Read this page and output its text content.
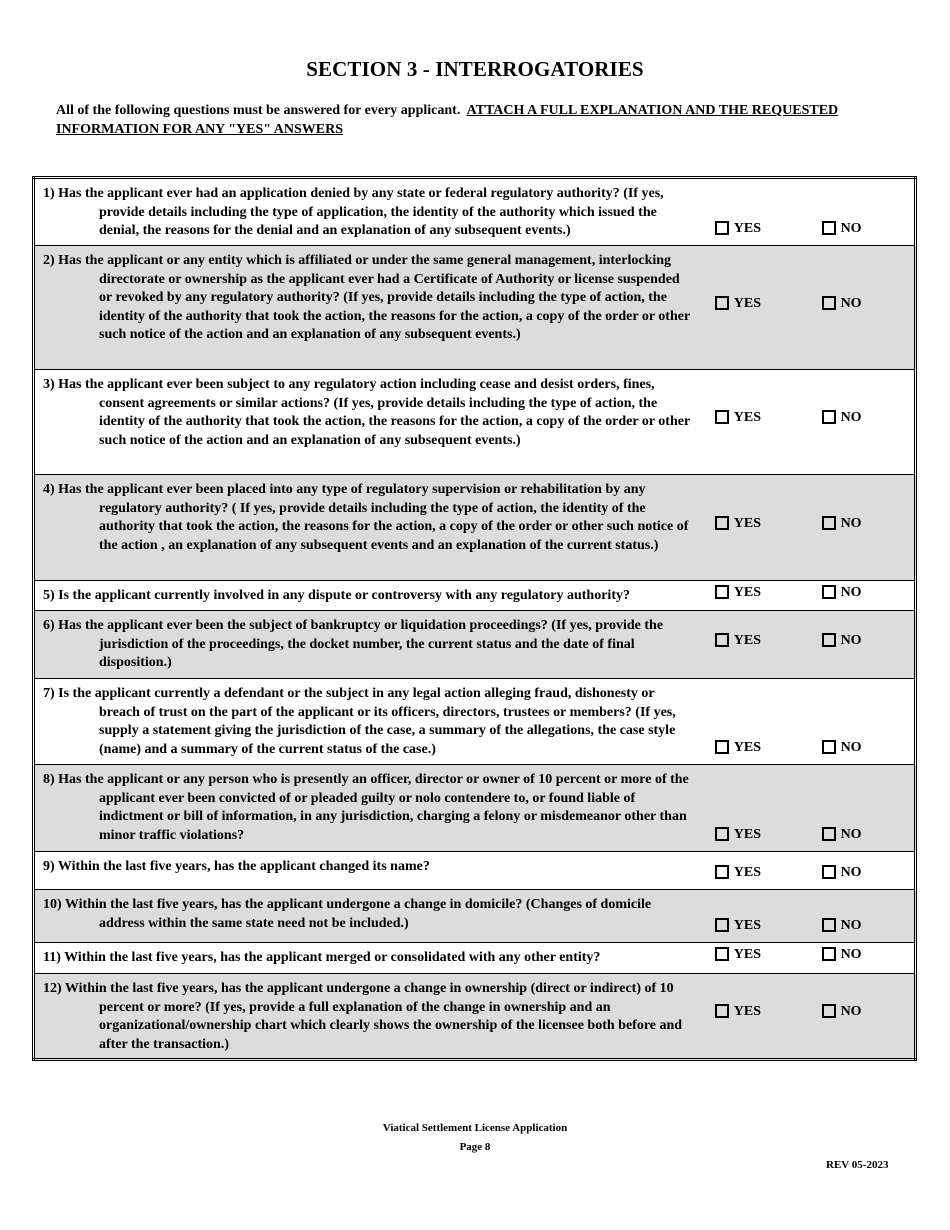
SECTION 3 - INTERROGATORIES
All of the following questions must be answered for every applicant. ATTACH A FULL EXPLANATION AND THE REQUESTED INFORMATION FOR ANY "YES" ANSWERS
1) Has the applicant ever had an application denied by any state or federal regulatory authority? (If yes, provide details including the type of application, the identity of the authority which issued the denial, the reasons for the denial and an explanation of any subsequent events.)	YES	NO

2) Has the applicant or any entity which is affiliated or under the same general management, interlocking directorate or ownership as the applicant ever had a Certificate of Authority or license suspended or revoked by any regulatory authority? (If yes, provide details including the type of action, the identity of the authority that took the action, the reasons for the action, a copy of the order or other such notice of the action and an explanation of any subsequent events.)	YES	NO

3) Has the applicant ever been subject to any regulatory action including cease and desist orders, fines, consent agreements or similar actions? (If yes, provide details including the type of action, the identity of the authority that took the action, the reasons for the action, a copy of the order or other such notice of the action and an explanation of any subsequent events.)	YES	NO

4) Has the applicant ever been placed into any type of regulatory supervision or rehabilitation by any regulatory authority? ( If yes, provide details including the type of action, the identity of the authority that took the action, the reasons for the action, a copy of the order or other such notice of the action , an explanation of any subsequent events and an explanation of the current status.)	YES	NO

5) Is the applicant currently involved in any dispute or controversy with any regulatory authority?	YES	NO

6) Has the applicant ever been the subject of bankruptcy or liquidation proceedings? (If yes, provide the jurisdiction of the proceedings, the docket number, the current status and the date of final disposition.)	YES	NO

7) Is the applicant currently a defendant or the subject in any legal action alleging fraud, dishonesty or breach of trust on the part of the applicant or its officers, directors, trustees or members? (If yes, supply a statement giving the jurisdiction of the case, a summary of the allegations, the case style (name) and a summary of the current status of the case.)	YES	NO

8) Has the applicant or any person who is presently an officer, director or owner of 10 percent or more of the applicant ever been convicted of or pleaded guilty or nolo contendere to, or found liable of indictment or bill of information, in any jurisdiction, charging a felony or misdemeanor other than minor traffic violations?	YES	NO

9) Within the last five years, has the applicant changed its name?	YES	NO

10) Within the last five years, has the applicant undergone a change in domicile? (Changes of domicile address within the same state need not be included.)	YES	NO

11) Within the last five years, has the applicant merged or consolidated with any other entity?	YES	NO

12) Within the last five years, has the applicant undergone a change in ownership (direct or indirect) of 10 percent or more? (If yes, provide a full explanation of the change in ownership and an organizational/ownership chart which clearly shows the ownership of the licensee both before and after the transaction.)	YES	NO
Viatical Settlement License Application
Page 8
REV 05-2023
